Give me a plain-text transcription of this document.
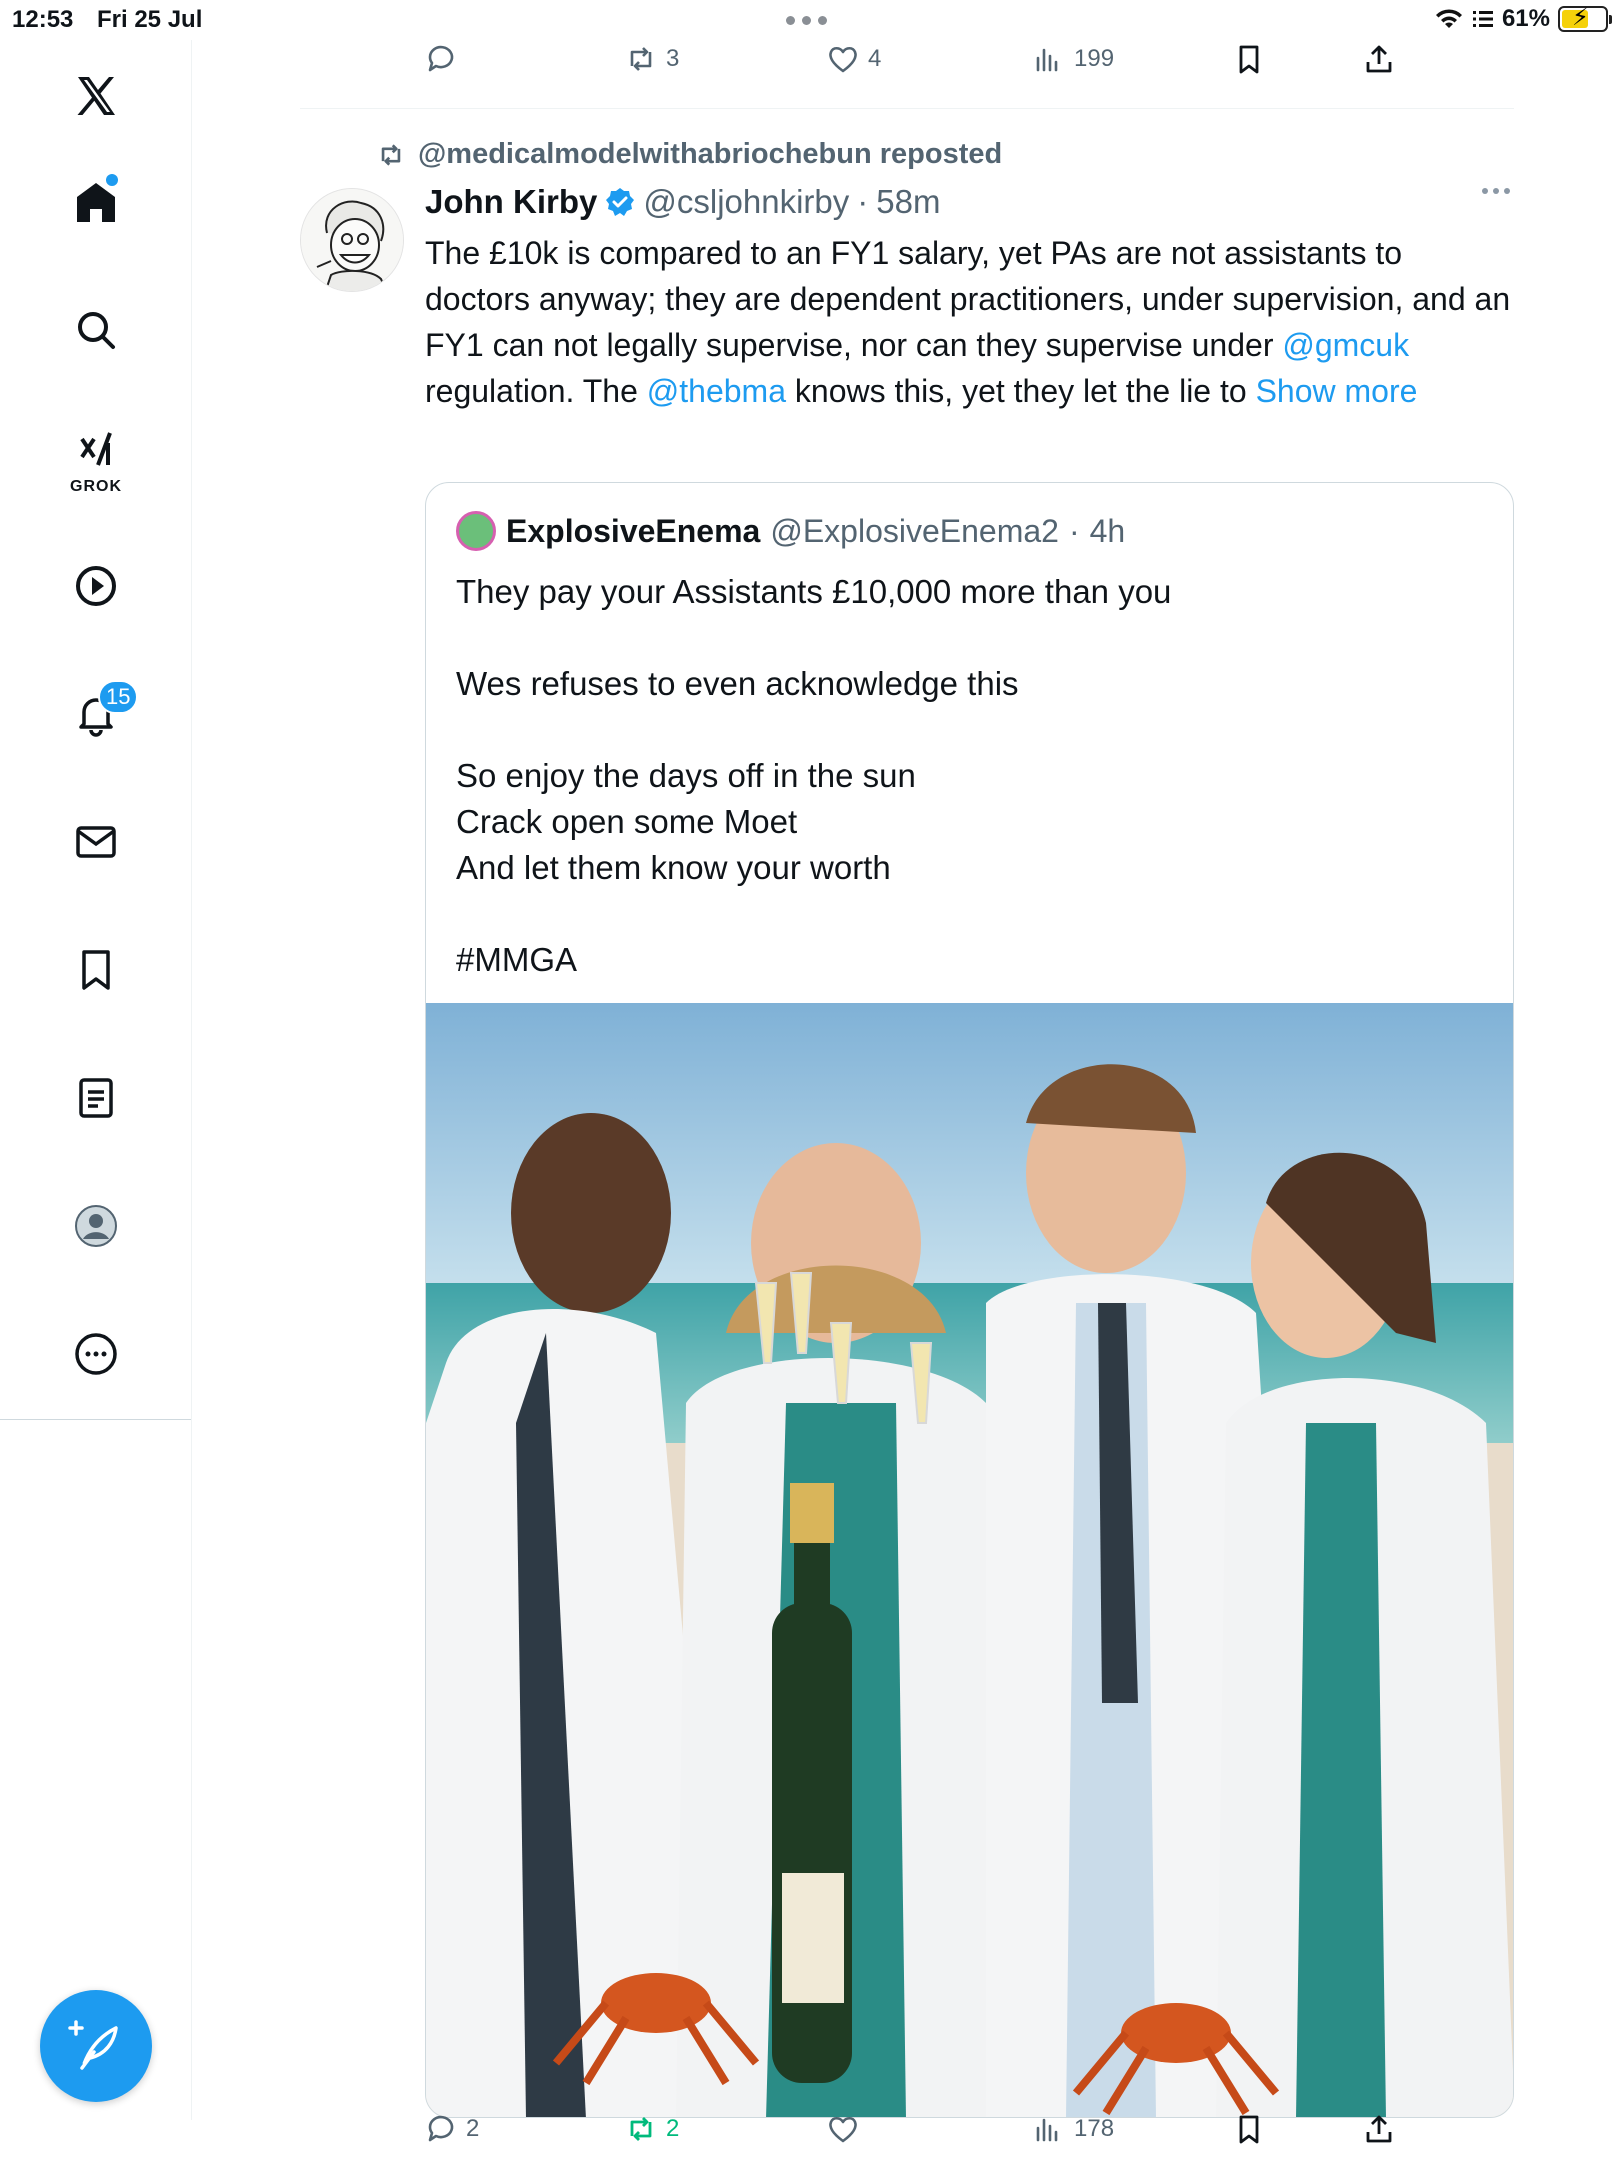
12:53 Fri 25 Jul	61% ⚡
GROK
15
3	4	199
@medicalmodelwithabriochebun reposted
John Kirby @csljohnkirby · 58m
The £10k is compared to an FY1 salary, yet PAs are not assistants to doctors anyway; they are dependent practitioners, under supervision, and an FY1 can not legally supervise, nor can they supervise under @gmcuk regulation. The @thebma knows this, yet they let the lie to Show more
ExplosiveEnema @ExplosiveEnema2 · 4h
They pay your Assistants £10,000 more than you

Wes refuses to even acknowledge this

So enjoy the days off in the sun
Crack open some Moet
And let them know your worth

#MMGA
2	2	178
